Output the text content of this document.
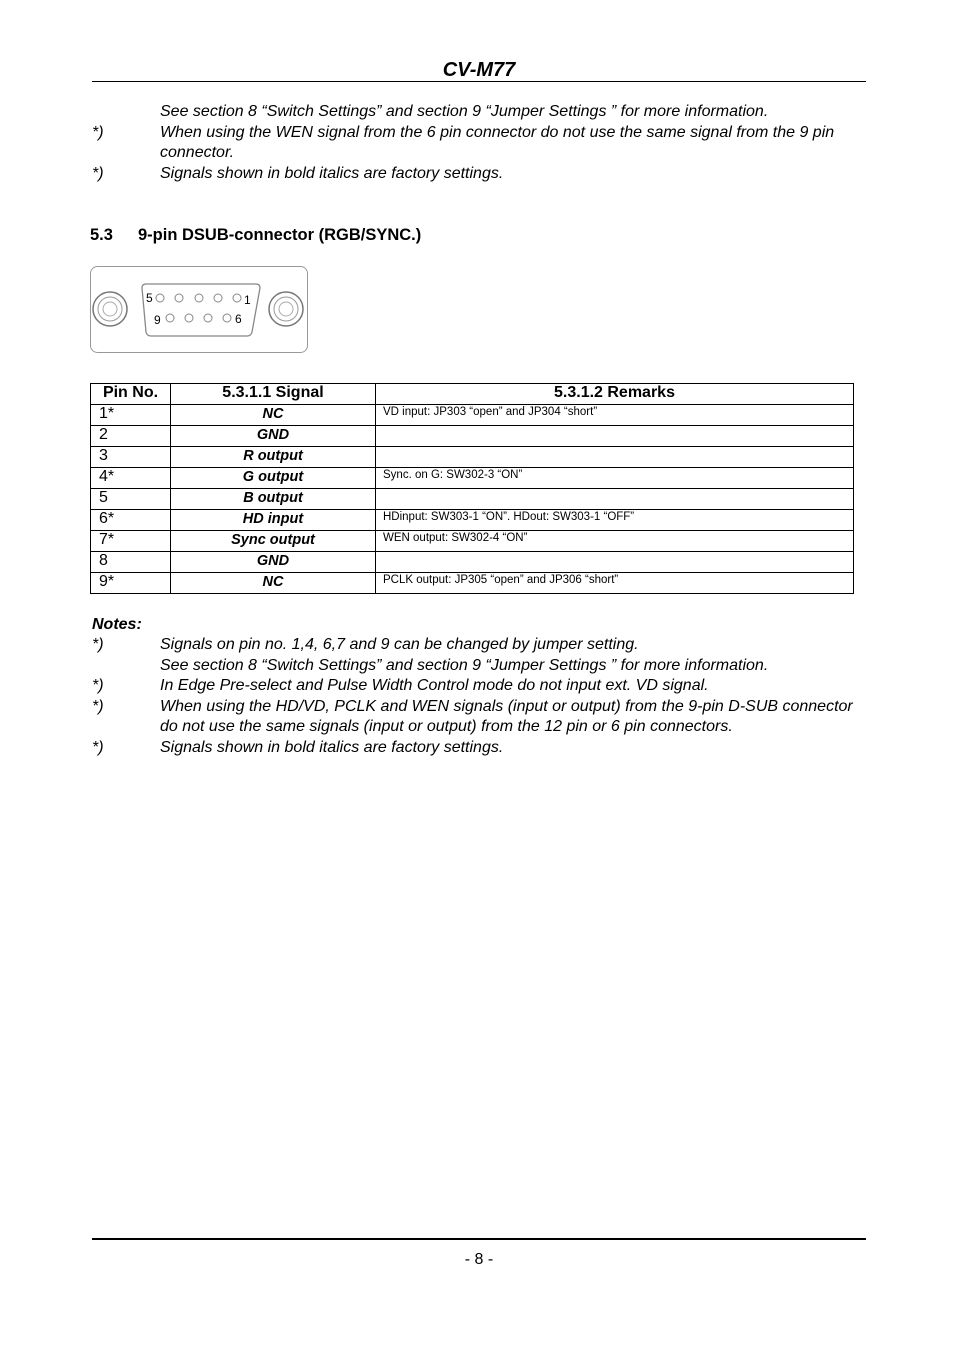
CV-M77
See section 8 “Switch Settings” and section 9 “Jumper Settings ” for more information.
*)	When using the WEN signal from the 6 pin connector do not use the same signal from the 9 pin connector.
*)	Signals shown in bold italics are factory settings.
5.3	9-pin DSUB-connector (RGB/SYNC.)
5	1
9	6
Pin No.	5.3.1.1 Signal	5.3.1.2 Remarks
1*	NC	VD input: JP303 “open” and JP304 “short”
2	GND	
3	R output	
4*	G output	Sync. on G: SW302-3 “ON”
5	B output	
6*	HD input	HDinput: SW303-1 “ON”. HDout: SW303-1 “OFF”
7*	Sync output	WEN output: SW302-4 “ON”
8	GND	
9*	NC	PCLK output: JP305 “open” and JP306 “short”
Notes:
*)	Signals on pin no. 1,4, 6,7 and 9 can be changed by jumper setting.
See section 8 “Switch Settings” and section 9 “Jumper Settings ” for more information.
*)	In Edge Pre-select and Pulse Width Control mode do not input ext. VD signal.
*)	When using the HD/VD, PCLK and WEN signals (input or output) from the 9-pin D-SUB connector do not use the same signals (input or output) from the 12 pin or 6 pin connectors.
*)	Signals shown in bold italics are factory settings.
- 8 -
